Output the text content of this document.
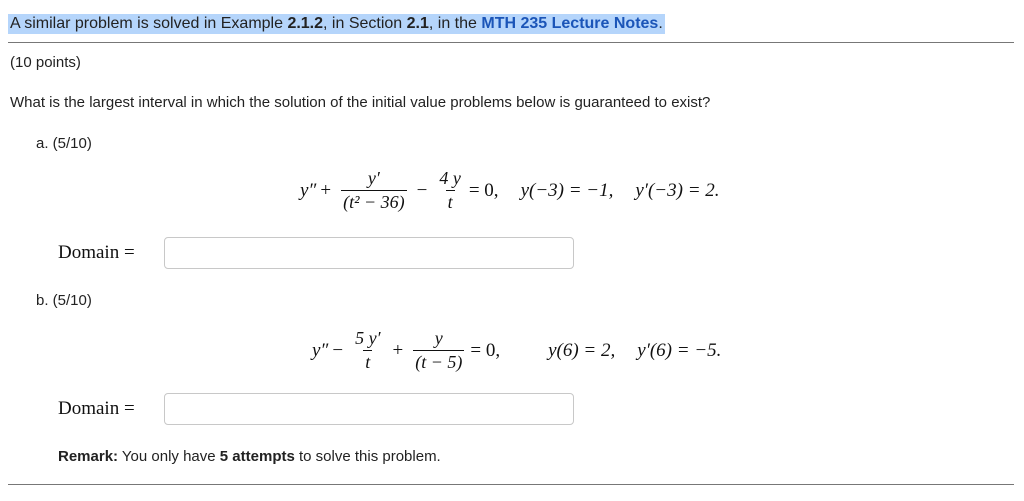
A similar problem is solved in Example 2.1.2, in Section 2.1, in the MTH 235 Lecture Notes.
(10 points)
What is the largest interval in which the solution of the initial value problems below is guaranteed to exist?
a. (5/10)
$y'' + \frac{y'}{\text{(t² − 36)}} - \frac{4 y}{t} = 0$, y(−3) = −1, y′(−3) = 2.
Domain =
b. (5/10)
$y'' - \frac{5 y'}{t} + \frac{y}{(t - 5)} = 0$,	y(6) = 2, y′(6) = −5.
Domain =
Remark: You only have 5 attempts to solve this problem.
